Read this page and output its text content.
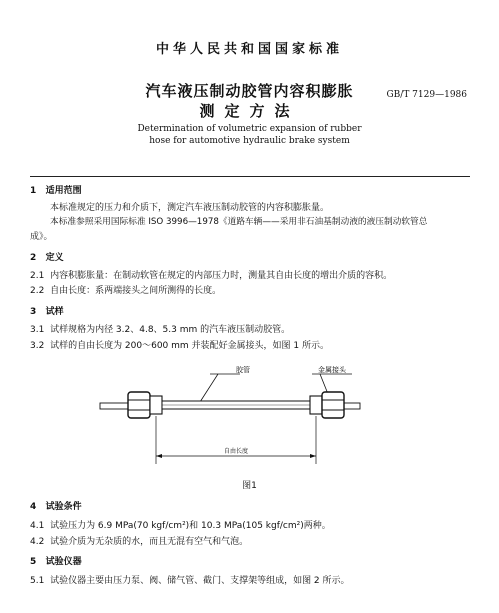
中华人民共和国国家标准
汽车液压制动胶管内容积膨胀
测定方法
GB/T 7129—1986
Determination of volumetric expansion of rubber
hose for automotive hydraulic brake system
1 适用范围
本标准规定的压力和介质下，测定汽车液压制动胶管的内容积膨胀量。
本标准参照采用国际标准 ISO 3996—1978《道路车辆——采用非石油基制动液的液压制动软管总
成》。
2 定义
2.1 内容积膨胀量：在制动软管在规定的内部压力时，测量其自由长度的增出介质的容积。
2.2 自由长度：系两端接头之间所测得的长度。
3 试样
3.1 试样规格为内径 3.2、4.8、5.3 mm 的汽车液压制动胶管。
3.2 试样的自由长度为 200～600 mm 并装配好金属接头，如图 1 所示。
胶管	金属接头
自由长度
图1
4 试验条件
4.1 试验压力为 6.9 MPa(70 kgf/cm²)和 10.3 MPa(105 kgf/cm²)两种。
4.2 试验介质为无杂质的水，而且无混有空气和气泡。
5 试验仪器
5.1 试验仪器主要由压力泵、阀、储气管、截门、支撑架等组成，如图 2 所示。
